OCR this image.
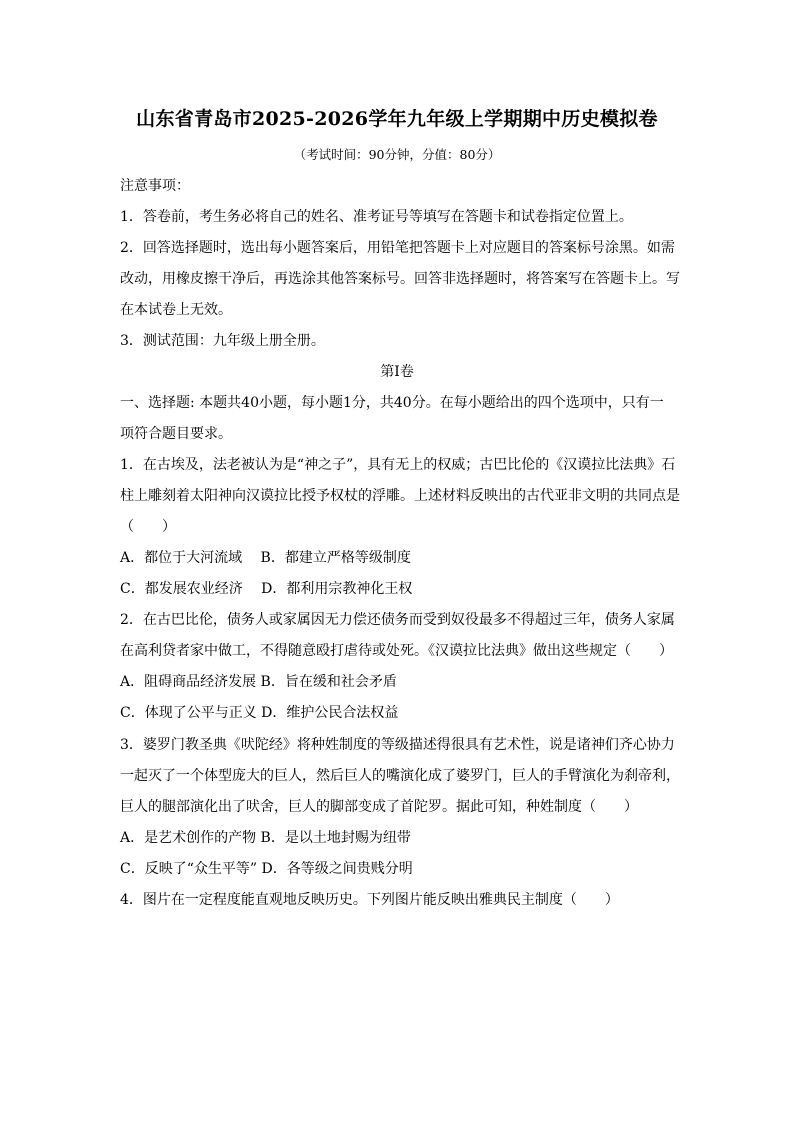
山东省青岛市2025-2026学年九年级上学期期中历史模拟卷
（考试时间：90分钟，分值：80分）
注意事项：
1．答卷前，考生务必将自己的姓名、准考证号等填写在答题卡和试卷指定位置上。
2．回答选择题时，选出每小题答案后，用铅笔把答题卡上对应题目的答案标号涂黑。如需
改动，用橡皮擦干净后，再选涂其他答案标号。回答非选择题时，将答案写在答题卡上。写
在本试卷上无效。
3．测试范围：九年级上册全册。
第Ⅰ卷
一、选择题: 本题共40小题，每小题1分，共40分。在每小题给出的四个选项中，只有一
项符合题目要求。
1．在古埃及，法老被认为是“神之子”，具有无上的权威；古巴比伦的《汉谟拉比法典》石
柱上雕刻着太阳神向汉谟拉比授予权杖的浮雕。上述材料反映出的古代亚非文明的共同点是
（　　）
A．都位于大河流域　 B．都建立严格等级制度
C．都发展农业经济　 D．都利用宗教神化王权
2．在古巴比伦，债务人或家属因无力偿还债务而受到奴役最多不得超过三年，债务人家属
在高利贷者家中做工，不得随意殴打虐待或处死。《汉谟拉比法典》做出这些规定（　　）
A．阻碍商品经济发展 B．旨在缓和社会矛盾
C．体现了公平与正义 D．维护公民合法权益
3．婆罗门教圣典《吠陀经》将种姓制度的等级描述得很具有艺术性，说是诸神们齐心协力
一起灭了一个体型庞大的巨人，然后巨人的嘴演化成了婆罗门，巨人的手臂演化为刹帝利，
巨人的腿部演化出了吠舍，巨人的脚部变成了首陀罗。据此可知，种姓制度（　　）
A．是艺术创作的产物 B．是以土地封赐为纽带
C．反映了“众生平等” D．各等级之间贵贱分明
4．图片在一定程度能直观地反映历史。下列图片能反映出雅典民主制度（　　）
